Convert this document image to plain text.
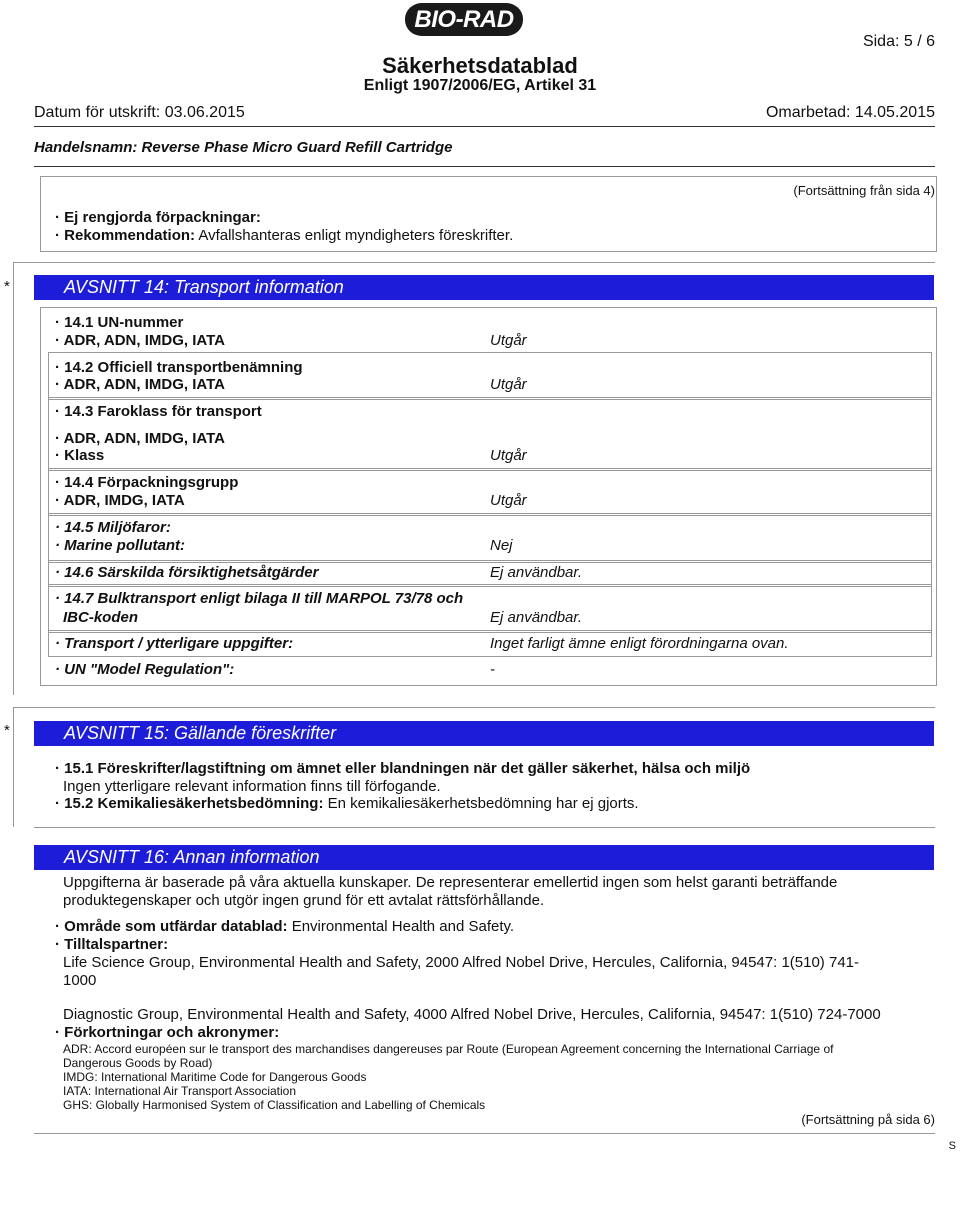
BIO-RAD
Sida: 5 / 6
Säkerhetsdatablad
Enligt 1907/2006/EG, Artikel 31
Datum för utskrift: 03.06.2015	Omarbetad: 14.05.2015
Handelsnamn: Reverse Phase Micro Guard Refill Cartridge
(Fortsättning från sida 4)
· Ej rengjorda förpackningar:
· Rekommendation: Avfallshanteras enligt myndigheters föreskrifter.
*	AVSNITT 14: Transport information
· 14.1 UN-nummer
· ADR, ADN, IMDG, IATA	Utgår
· 14.2 Officiell transportbenämning
· ADR, ADN, IMDG, IATA	Utgår
· 14.3 Faroklass för transport
· ADR, ADN, IMDG, IATA
· Klass	Utgår
· 14.4 Förpackningsgrupp
· ADR, IMDG, IATA	Utgår
· 14.5 Miljöfaror:
· Marine pollutant:	Nej
· 14.6 Särskilda försiktighetsåtgärder	Ej användbar.
· 14.7 Bulktransport enligt bilaga II till MARPOL 73/78 och
IBC-koden	Ej användbar.
· Transport / ytterligare uppgifter:	Inget farligt ämne enligt förordningarna ovan.
· UN "Model Regulation":	-
*	AVSNITT 15: Gällande föreskrifter
· 15.1 Föreskrifter/lagstiftning om ämnet eller blandningen när det gäller säkerhet, hälsa och miljö
Ingen ytterligare relevant information finns till förfogande.
· 15.2 Kemikaliesäkerhetsbedömning: En kemikaliesäkerhetsbedömning har ej gjorts.
AVSNITT 16: Annan information
Uppgifterna är baserade på våra aktuella kunskaper. De representerar emellertid ingen som helst garanti beträffande
produktegenskaper och utgör ingen grund för ett avtalat rättsförhållande.
· Område som utfärdar datablad: Environmental Health and Safety.
· Tilltalspartner:
Life Science Group, Environmental Health and Safety, 2000 Alfred Nobel Drive, Hercules, California, 94547: 1(510) 741-
1000
Diagnostic Group, Environmental Health and Safety, 4000 Alfred Nobel Drive, Hercules, California, 94547: 1(510) 724-7000
· Förkortningar och akronymer:
ADR: Accord européen sur le transport des marchandises dangereuses par Route (European Agreement concerning the International Carriage of
Dangerous Goods by Road)
IMDG: International Maritime Code for Dangerous Goods
IATA: International Air Transport Association
GHS: Globally Harmonised System of Classification and Labelling of Chemicals
(Fortsättning på sida 6)
S
